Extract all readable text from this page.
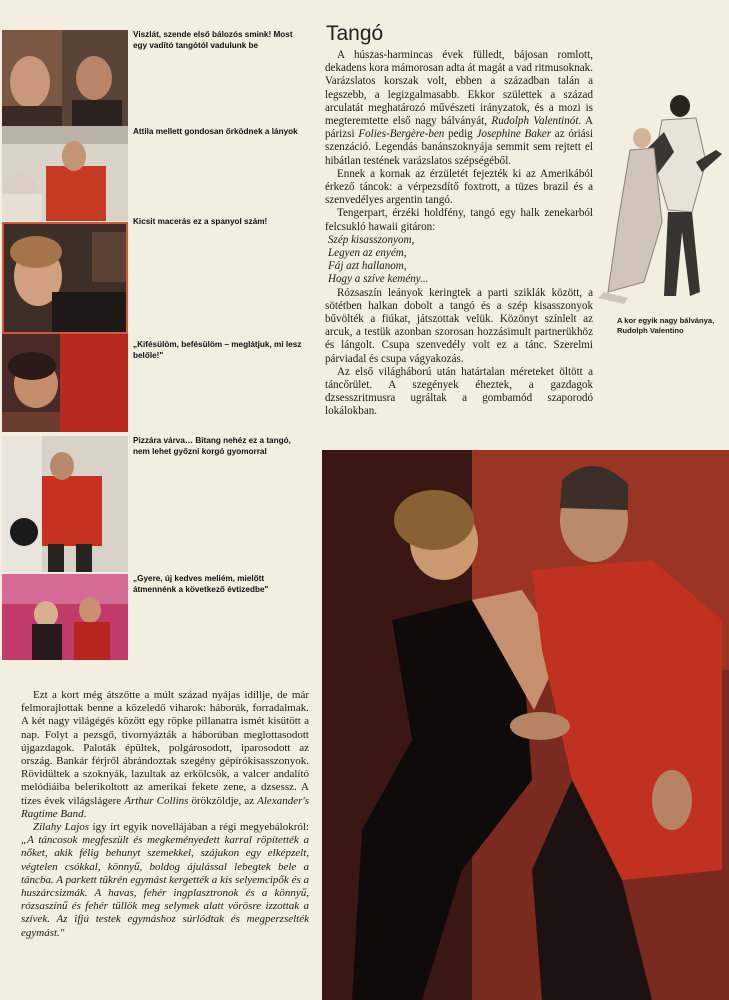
Viszlát, szende első bálozós smink! Most egy vadító tangótól vadulunk be
Attila mellett gondosan őrködnek a lányok
Kicsit macerás ez a spanyol szám!
„Kifésülöm, befésülöm – meglátjuk, mi lesz belőle!"
Pizzára várva… Bitang nehéz ez a tangó, nem lehet győzni korgó gyomorral
„Gyere, új kedves meliém, mielőtt átmennénk a következő évtizedbe"
Tangó

A húszas-harmincas évek fülledt, bájosan romlott, dekadens kora mámorosan adta át magát a vad ritmusoknak. Varázslatos korszak volt, ebben a században talán a legszebb, a legizgalmasabb. Ekkor születtek a század arculatát meghatározó művészeti irányzatok, és a mozi is megteremtette első nagy bálványát, Rudolph Valentinót. A párizsi Folies-Bergère-ben pedig Josephine Baker az óriási szenzáció. Legendás banánszoknyája semmit sem rejtett el hibátlan testének varázslatos szépségéből.

Ennek a kornak az érzületét fejezték ki az Amerikából érkező táncok: a vérpezsdítő foxtrott, a tüzes brazil és a szenvedélyes argentin tangó.

Tengerpart, érzéki holdfény, tangó egy halk zenekarból felcsukló hawaii gitáron:

Szép kisasszonyom,

Legyen az enyém,

Fáj azt hallanom,

Hogy a szíve kemény...

Rózsaszín leányok keringtek a parti sziklák között, a sötétben halkan dobolt a tangó és a szép kisasszonyok bűvölték a fiúkat, játszottak velük. Közönyt színlelt az arcuk, a testük azonban szorosan hozzásimult partnerükhöz és lángolt. Csupa szenvedély volt ez a tánc. Szerelmi párviadal és csupa vágyakozás.

Az első világháború után határtalan méreteket öltött a táncőrület. A szegények éheztek, a gazdagok dzsesszritmusra ugráltak a gombamód szaporodó lokálokban.

A kor egyik nagy bálványa, Rudolph Valentino

Ezt a kort még átszőtte a múlt század nyájas idillje, de már felmorajlottak benne a közeledő viharok: háborúk, forradalmak. A két nagy világégés között egy röpke pillanatra ismét kisütött a nap. Folyt a pezsgő, tivornyázták a háborúban meglottasodott újgazdagok. Paloták épültek, polgárosodott, iparosodott az ország. Bankár férjről ábrándoztak szegény gépírókisasszonyok. Rövidültek a szoknyák, lazultak az erkölcsök, a valcer andalító melódiáiba belerikoltott az amerikai fekete zene, a dzsessz. A tízes évek világslágere Arthur Collins örökzöldje, az Alexander's Ragtime Band.

Zilahy Lajos így írt egyik novellájában a régi megyebálokról: „A táncosok megfeszült és megkeményedett karral röpítették a nőket, akik félig behunyt szemekkel, szájukon egy elképzelt, végtelen csókkal, könnyű, boldog ájulással lebegtek bele a táncba. A parkett tükrén egymást kergették a kis selyemcipők és a huszárcsizmák. A havas, fehér ingplasztronok és a könnyű, rózsaszínű és fehér tüllök meg selymek alatt vörösre izzottak a szívek. Az ifjú testek egymáshoz súrlódtak és megperzselték egymást."
